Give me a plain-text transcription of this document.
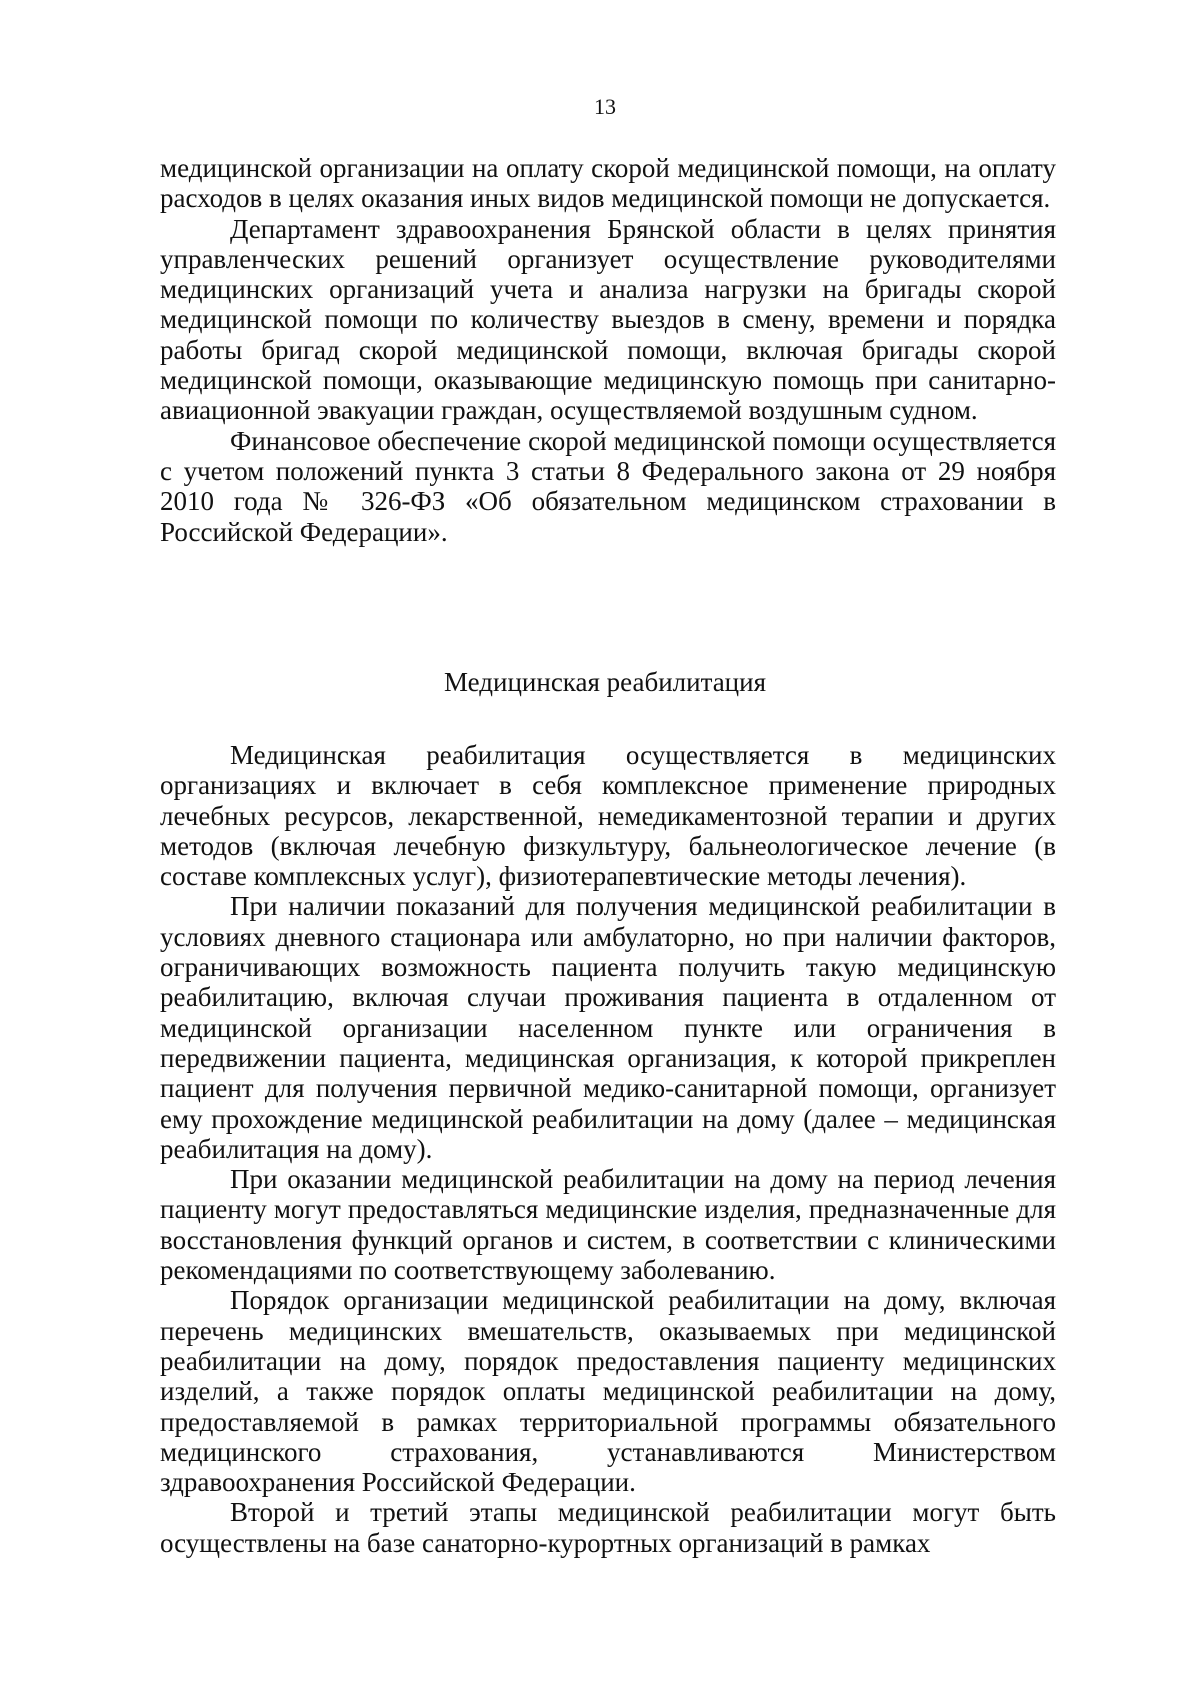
13

медицинской организации на оплату скорой медицинской помощи, на оплату расходов в целях оказания иных видов медицинской помощи не допускается.

Департамент здравоохранения Брянской области в целях принятия управленческих решений организует осуществление руководителями медицинских организаций учета и анализа нагрузки на бригады скорой медицинской помощи по количеству выездов в смену, времени и порядка работы бригад скорой медицинской помощи, включая бригады скорой медицинской помощи, оказывающие медицинскую помощь при санитарно-авиационной эвакуации граждан, осуществляемой воздушным судном.

Финансовое обеспечение скорой медицинской помощи осуществляется с учетом положений пункта 3 статьи 8 Федерального закона от 29 ноября 2010 года № 326-ФЗ «Об обязательном медицинском страховании в Российской Федерации».

Медицинская реабилитация

Медицинская реабилитация осуществляется в медицинских организациях и включает в себя комплексное применение природных лечебных ресурсов, лекарственной, немедикаментозной терапии и других методов (включая лечебную физкультуру, бальнеологическое лечение (в составе комплексных услуг), физиотерапевтические методы лечения).

При наличии показаний для получения медицинской реабилитации в условиях дневного стационара или амбулаторно, но при наличии факторов, ограничивающих возможность пациента получить такую медицинскую реабилитацию, включая случаи проживания пациента в отдаленном от медицинской организации населенном пункте или ограничения в передвижении пациента, медицинская организация, к которой прикреплен пациент для получения первичной медико-санитарной помощи, организует ему прохождение медицинской реабилитации на дому (далее – медицинская реабилитация на дому).

При оказании медицинской реабилитации на дому на период лечения пациенту могут предоставляться медицинские изделия, предназначенные для восстановления функций органов и систем, в соответствии с клиническими рекомендациями по соответствующему заболеванию.

Порядок организации медицинской реабилитации на дому, включая перечень медицинских вмешательств, оказываемых при медицинской реабилитации на дому, порядок предоставления пациенту медицинских изделий, а также порядок оплаты медицинской реабилитации на дому, предоставляемой в рамках территориальной программы обязательного медицинского страхования, устанавливаются Министерством здравоохранения Российской Федерации.

Второй и третий этапы медицинской реабилитации могут быть осуществлены на базе санаторно-курортных организаций в рамках
